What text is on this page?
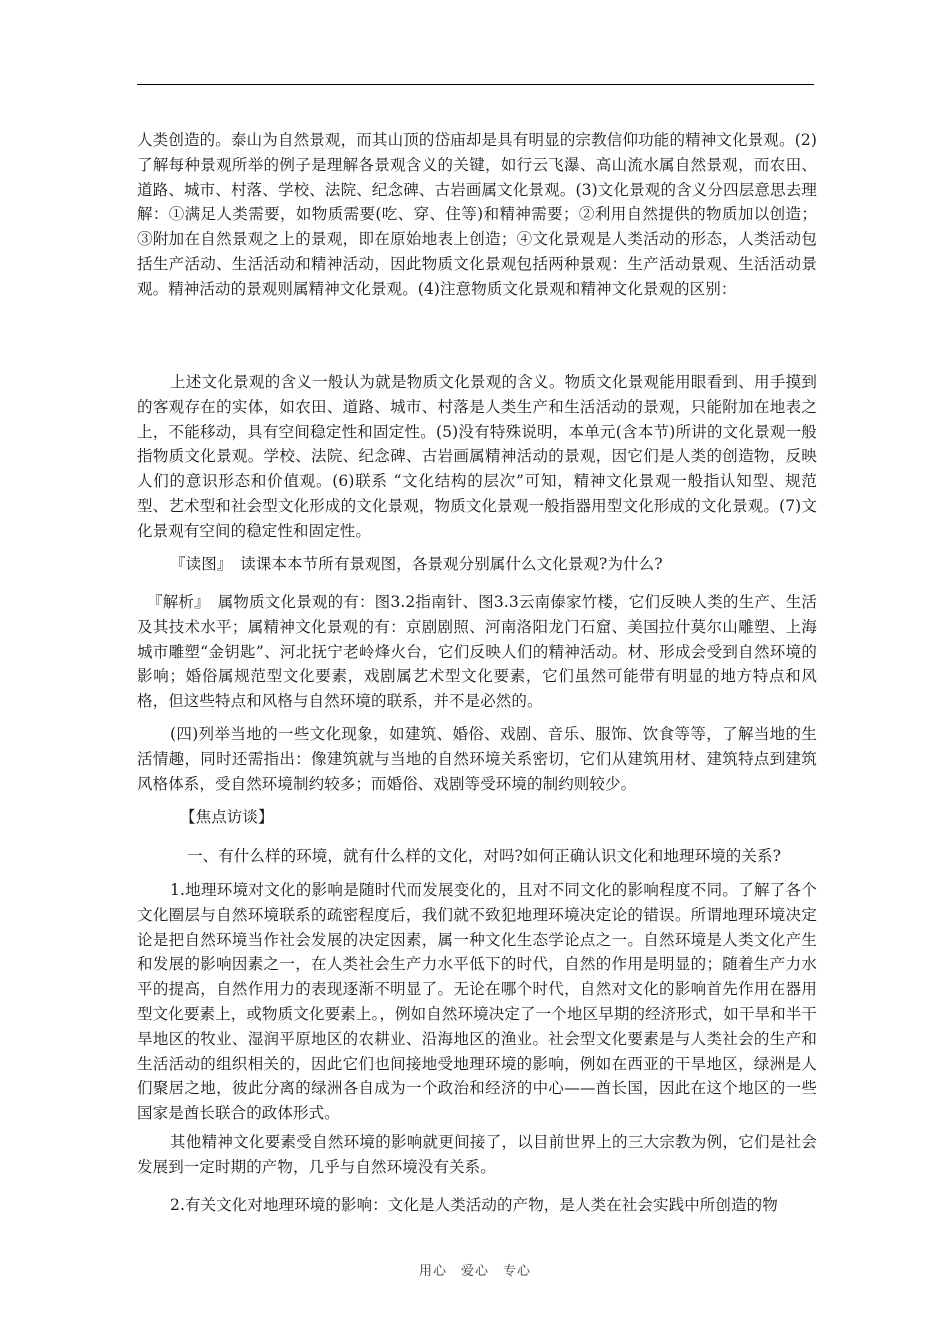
人类创造的。泰山为自然景观，而其山顶的岱庙却是具有明显的宗教信仰功能的精神文化景观。(2)了解每种景观所举的例子是理解各景观含义的关键，如行云飞瀑、高山流水属自然景观，而农田、道路、城市、村落、学校、法院、纪念碑、古岩画属文化景观。(3)文化景观的含义分四层意思去理解：①满足人类需要，如物质需要(吃、穿、住等)和精神需要；②利用自然提供的物质加以创造；③附加在自然景观之上的景观，即在原始地表上创造；④文化景观是人类活动的形态，人类活动包括生产活动、生活活动和精神活动，因此物质文化景观包括两种景观：生产活动景观、生活活动景观。精神活动的景观则属精神文化景观。(4)注意物质文化景观和精神文化景观的区别：

上述文化景观的含义一般认为就是物质文化景观的含义。物质文化景观能用眼看到、用手摸到的客观存在的实体，如农田、道路、城市、村落是人类生产和生活活动的景观，只能附加在地表之上，不能移动，具有空间稳定性和固定性。(5)没有特殊说明，本单元(含本节)所讲的文化景观一般指物质文化景观。学校、法院、纪念碑、古岩画属精神活动的景观，因它们是人类的创造物，反映人们的意识形态和价值观。(6)联系 “文化结构的层次”可知，精神文化景观一般指认知型、规范型、艺术型和社会型文化形成的文化景观，物质文化景观一般指器用型文化形成的文化景观。(7)文化景观有空间的稳定性和固定性。

『读图』　读课本本节所有景观图，各景观分别属什么文化景观?为什么?

『解析』　属物质文化景观的有：图3.2指南针、图3.3云南傣家竹楼，它们反映人类的生产、生活及其技术水平；属精神文化景观的有：京剧剧照、河南洛阳龙门石窟、美国拉什莫尔山雕塑、上海城市雕塑“金钥匙”、河北抚宁老岭烽火台，它们反映人们的精神活动。材、形成会受到自然环境的影响；婚俗属规范型文化要素，戏剧属艺术型文化要素，它们虽然可能带有明显的地方特点和风格，但这些特点和风格与自然环境的联系，并不是必然的。

(四)列举当地的一些文化现象，如建筑、婚俗、戏剧、音乐、服饰、饮食等等，了解当地的生活情趣，同时还需指出：像建筑就与当地的自然环境关系密切，它们从建筑用材、建筑特点到建筑风格体系，受自然环境制约较多；而婚俗、戏剧等受环境的制约则较少。

【焦点访谈】

一、有什么样的环境，就有什么样的文化，对吗?如何正确认识文化和地理环境的关系?

1.地理环境对文化的影响是随时代而发展变化的，且对不同文化的影响程度不同。了解了各个文化圈层与自然环境联系的疏密程度后，我们就不致犯地理环境决定论的错误。所谓地理环境决定论是把自然环境当作社会发展的决定因素，属一种文化生态学论点之一。自然环境是人类文化产生和发展的影响因素之一，在人类社会生产力水平低下的时代，自然的作用是明显的；随着生产力水平的提高，自然作用力的表现逐渐不明显了。无论在哪个时代，自然对文化的影响首先作用在器用型文化要素上，或物质文化要素上。，例如自然环境决定了一个地区早期的经济形式，如干旱和半干旱地区的牧业、湿润平原地区的农耕业、沿海地区的渔业。社会型文化要素是与人类社会的生产和生活活动的组织相关的，因此它们也间接地受地理环境的影响，例如在西亚的干旱地区，绿洲是人们聚居之地，彼此分离的绿洲各自成为一个政治和经济的中心——酋长国，因此在这个地区的一些国家是酋长联合的政体形式。

其他精神文化要素受自然环境的影响就更间接了，以目前世界上的三大宗教为例，它们是社会发展到一定时期的产物，几乎与自然环境没有关系。

2.有关文化对地理环境的影响：文化是人类活动的产物，是人类在社会实践中所创造的物

用心　爱心　专心
